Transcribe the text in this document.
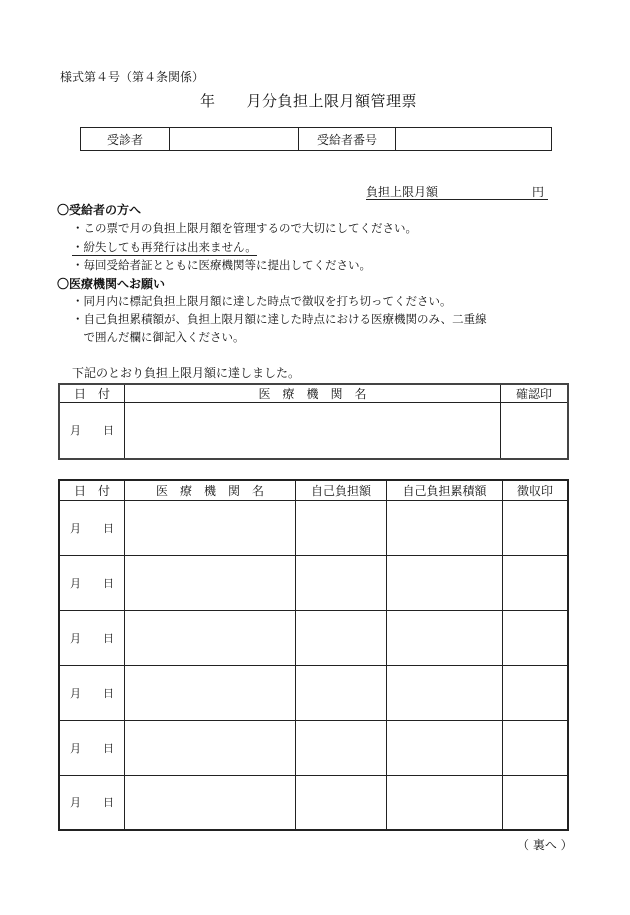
様式第４号（第４条関係）
年　　月分負担上限月額管理票
受診者		受給者番号	
負担上限月額	円
〇受給者の方へ
・この票で月の負担上限月額を管理するので大切にしてください。
・紛失しても再発行は出来ません。
・毎回受給者証とともに医療機関等に提出してください。
〇医療機関へお願い
・同月内に標記負担上限月額に達した時点で徴収を打ち切ってください。
・自己負担累積額が、負担上限月額に達した時点における医療機関のみ、二重線
　で囲んだ欄に御記入ください。
下記のとおり負担上限月額に達しました。
日　付	医　療　機　関　名	確認印
月　　 日		
日　付	医　療　機　関　名	自己負担額	自己負担累積額	徴収印
月　　 日				
月　　 日				
月　　 日				
月　　 日				
月　　 日				
月　　 日				
（ 裏へ ）
